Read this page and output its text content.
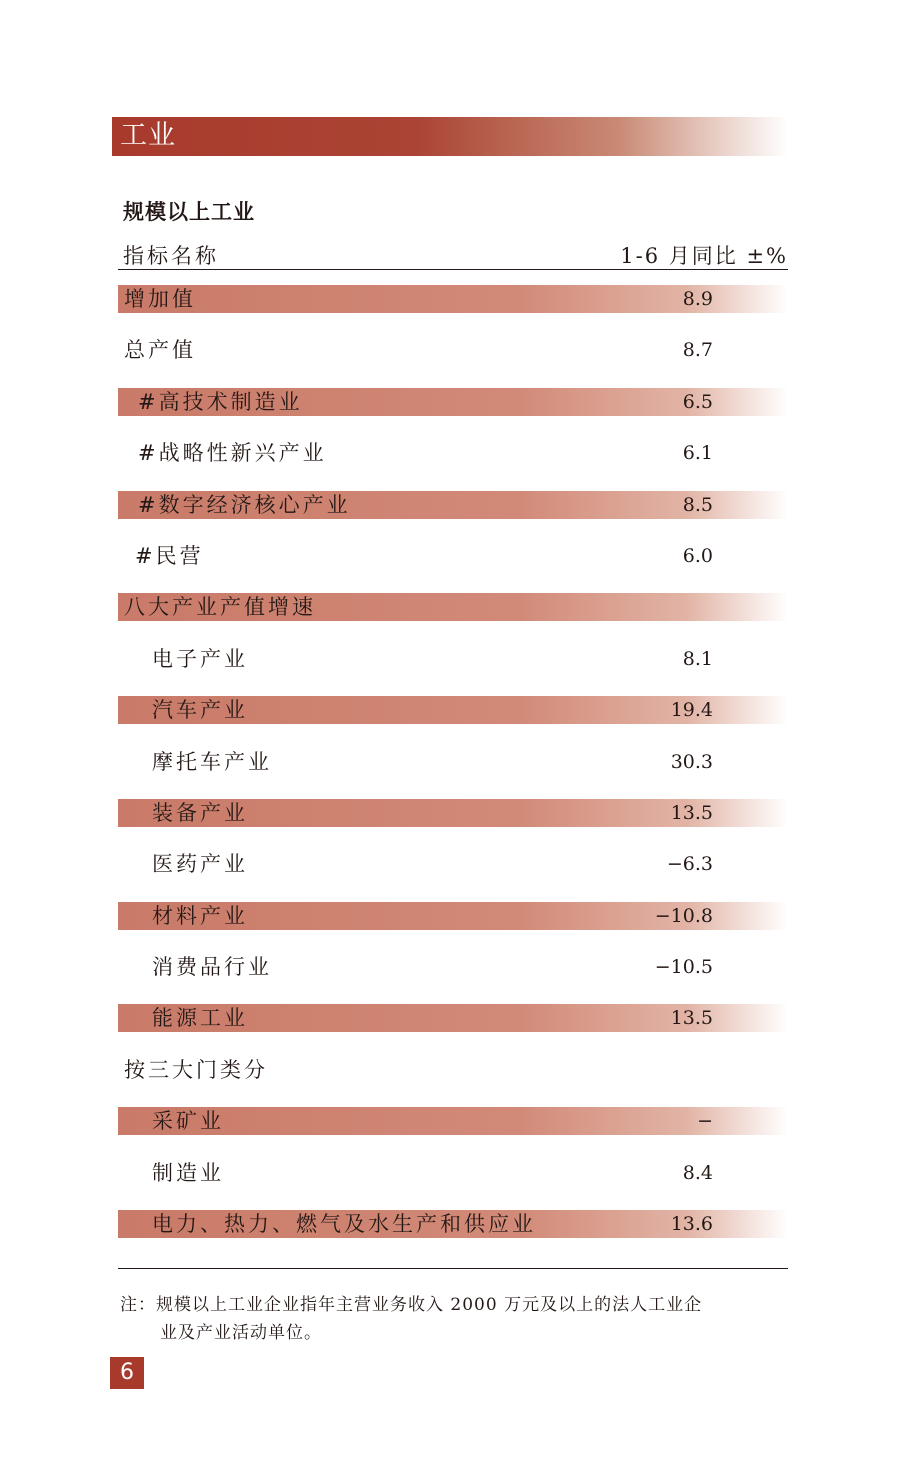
工业
规模以上工业
指标名称	1-6 月同比 ±%
增加值	8.9
总产值	8.7
#高技术制造业	6.5
#战略性新兴产业	6.1
#数字经济核心产业	8.5
#民营	6.0
八大产业产值增速
电子产业	8.1
汽车产业	19.4
摩托车产业	30.3
装备产业	13.5
医药产业	−6.3
材料产业	−10.8
消费品行业	−10.5
能源工业	13.5
按三大门类分
采矿业	−
制造业	8.4
电力、热力、燃气及水生产和供应业	13.6
注：规模以上工业企业指年主营业务收入 2000 万元及以上的法人工业企
业及产业活动单位。
6
